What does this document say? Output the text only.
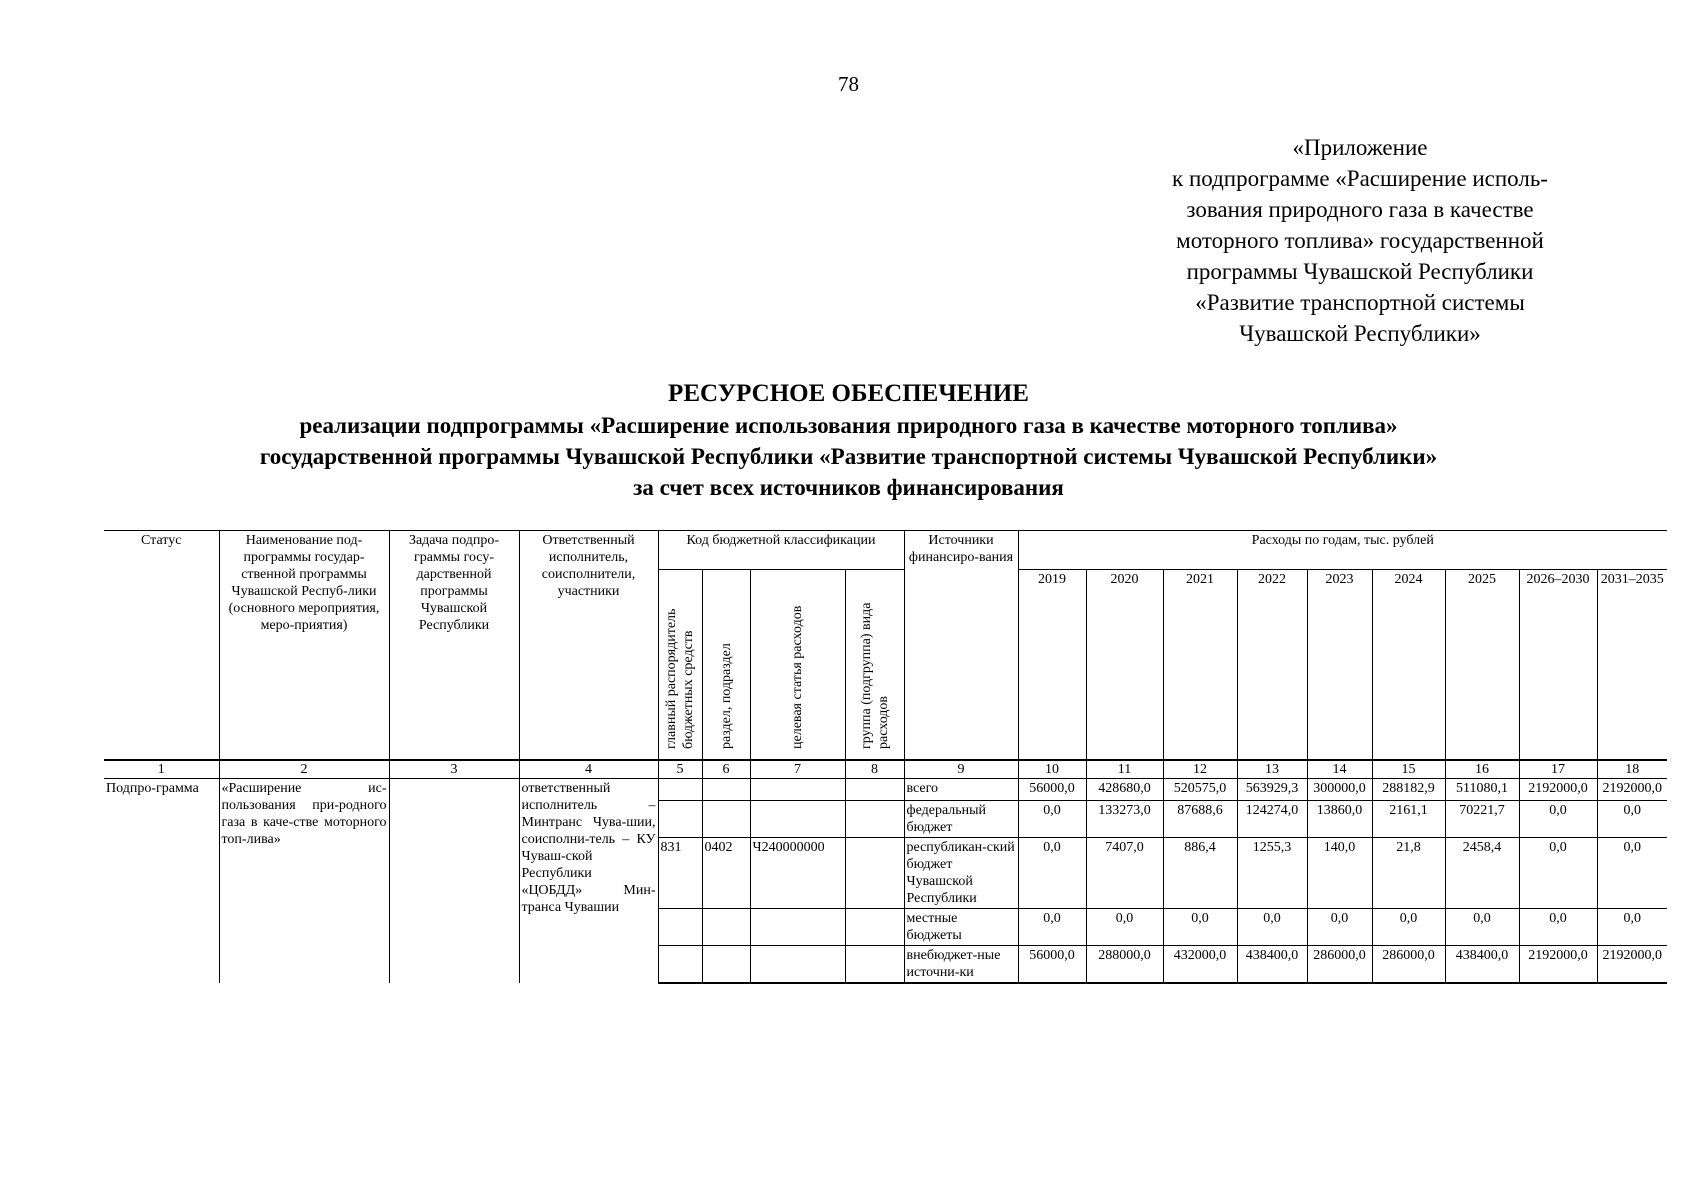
78
«Приложение
к подпрограмме «Расширение исполь-
зования природного газа в качестве
моторного топлива» государственной
программы Чувашской Республики
«Развитие транспортной системы
Чувашской Республики»
РЕСУРСНОЕ ОБЕСПЕЧЕНИЕ
реализации подпрограммы «Расширение использования природного газа в качестве моторного топлива»
государственной программы Чувашской Республики «Развитие транспортной системы Чувашской Республики»
за счет всех источников финансирования
Статус	Наименование под-программы государ-ственной программы Чувашской Респуб-лики (основного мероприятия, меро-приятия)	Задача подпро-граммы госу-дарственной программы Чувашской Республики	Ответственный исполнитель, соисполнители, участники	Код бюджетной классификации				Источники финансиро-вания	Расходы по годам, тыс. рублей								
				главный распорядитель бюджетных средств	раздел, подраздел	целевая статья расходов	группа (подгруппа) вида расходов		2019	2020	2021	2022	2023	2024	2025	2026–2030	2031–2035
1	2	3	4	5	6	7	8	9	10	11	12	13	14	15	16	17	18
Подпро-грамма	«Расширение ис-пользования при-родного газа в каче-стве моторного топ-лива»		ответственный исполнитель – Минтранс Чува-шии, соисполни-тель – КУ Чуваш-ской Республики «ЦОБДД» Мин-транса Чувашии					всего	56000,0	428680,0	520575,0	563929,3	300000,0	288182,9	511080,1	2192000,0	2192000,0
								федеральный бюджет	0,0	133273,0	87688,6	124274,0	13860,0	2161,1	70221,7	0,0	0,0
				831	0402	Ч240000000		республикан-ский бюджет Чувашской Республики	0,0	7407,0	886,4	1255,3	140,0	21,8	2458,4	0,0	0,0
								местные бюджеты	0,0	0,0	0,0	0,0	0,0	0,0	0,0	0,0	0,0
								внебюджет-ные источни-ки	56000,0	288000,0	432000,0	438400,0	286000,0	286000,0	438400,0	2192000,0	2192000,0
